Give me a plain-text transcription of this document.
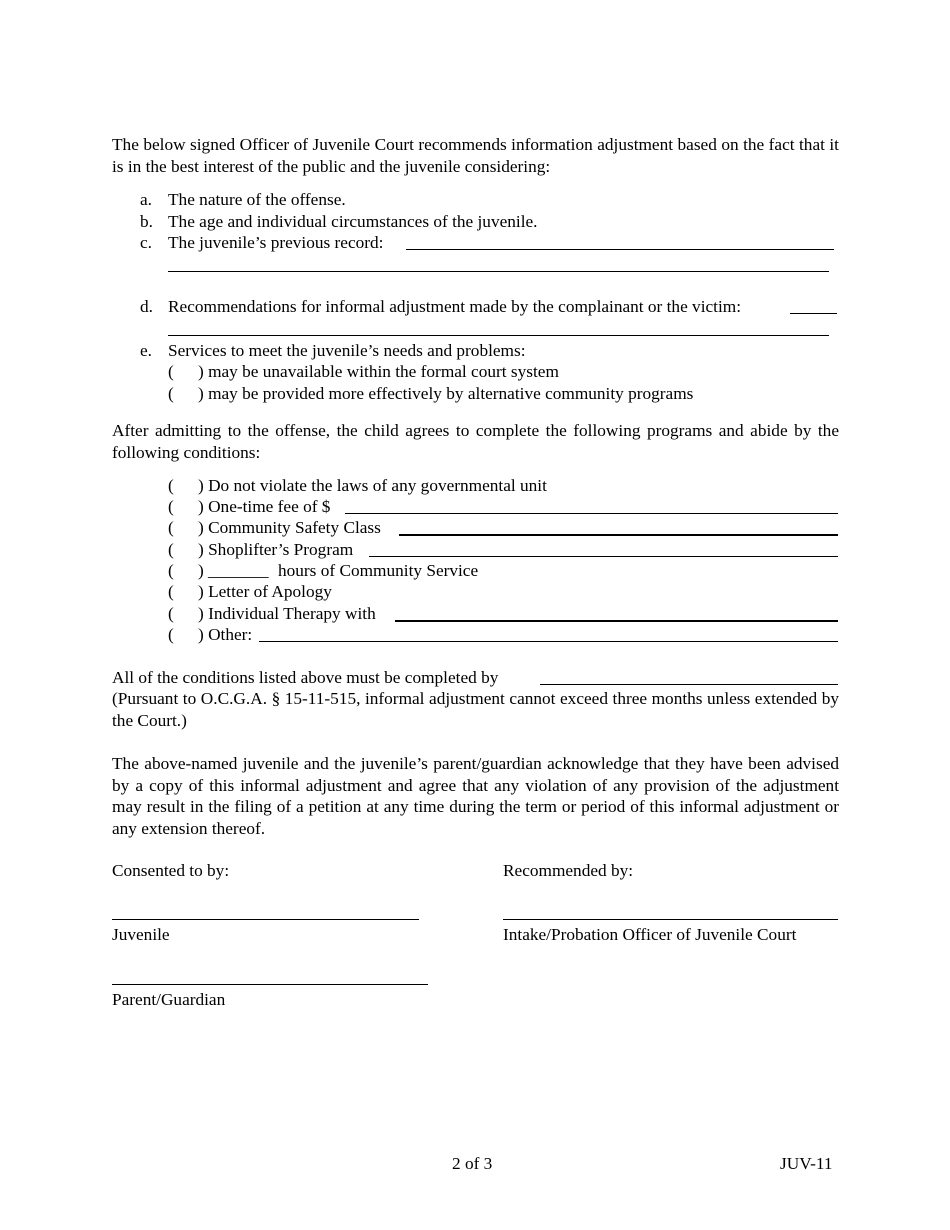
The below signed Officer of Juvenile Court recommends information adjustment based on the fact that it is in the best interest of the public and the juvenile considering:
a. The nature of the offense.
b. The age and individual circumstances of the juvenile.
c. The juvenile’s previous record:
d. Recommendations for informal adjustment made by the complainant or the victim:
e. Services to meet the juvenile’s needs and problems:
( ) may be unavailable within the formal court system
( ) may be provided more effectively by alternative community programs
After admitting to the offense, the child agrees to complete the following programs and abide by the following conditions:
( ) Do not violate the laws of any governmental unit
( ) One-time fee of $
( ) Community Safety Class
( ) Shoplifter’s Program
( ) _______ hours of Community Service
( ) Letter of Apology
( ) Individual Therapy with
( ) Other:
All of the conditions listed above must be completed by
(Pursuant to O.C.G.A. § 15-11-515, informal adjustment cannot exceed three months unless extended by the Court.)
The above-named juvenile and the juvenile’s parent/guardian acknowledge that they have been advised by a copy of this informal adjustment and agree that any violation of any provision of the adjustment may result in the filing of a petition at any time during the term or period of this informal adjustment or any extension thereof.
Consented to by:	Recommended by:
Juvenile	Intake/Probation Officer of Juvenile Court
Parent/Guardian
2 of 3	JUV-11
